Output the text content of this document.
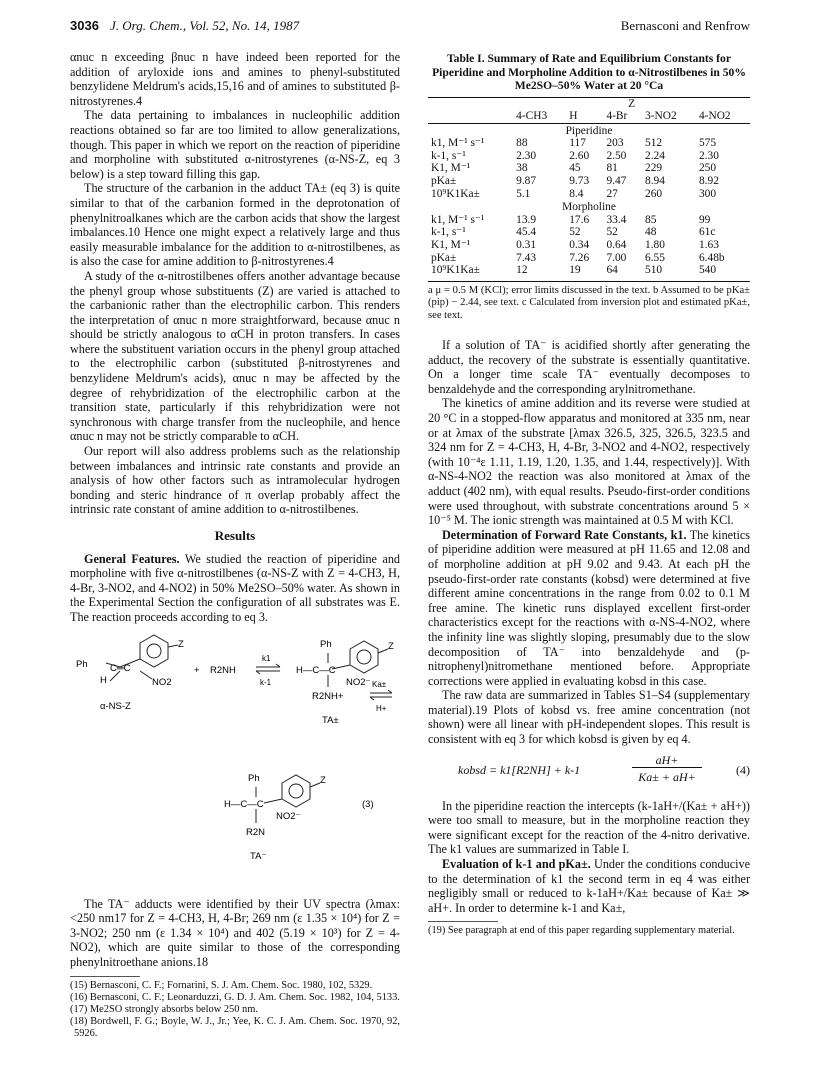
3036 J. Org. Chem., Vol. 52, No. 14, 1987	Bernasconi and Renfrow

αnuc n exceeding βnuc n have indeed been reported for the addition of aryloxide ions and amines to phenyl-substituted benzylidene Meldrum's acids,15,16 and of amines to substituted β-nitrostyrenes.4

The data pertaining to imbalances in nucleophilic addition reactions obtained so far are too limited to allow generalizations, though. This paper in which we report on the reaction of piperidine and morpholine with substituted α-nitrostyrenes (α-NS-Z, eq 3 below) is a step toward filling this gap.

The structure of the carbanion in the adduct TA± (eq 3) is quite similar to that of the carbanion formed in the deprotonation of phenylnitroalkanes which are the carbon acids that show the largest imbalances.10 Hence one might expect a relatively large and thus easily measurable imbalance for the addition to α-nitrostilbenes, as is also the case for amine addition to β-nitrostyrenes.4

A study of the α-nitrostilbenes offers another advantage because the phenyl group whose substituents (Z) are varied is attached to the carbanionic rather than the electrophilic carbon. This renders the interpretation of αnuc n more straightforward, because αnuc n should be strictly analogous to αCH in proton transfers. In cases where the substituent variation occurs in the phenyl group attached to the electrophilic carbon (substituted β-nitrostyrenes and benzylidene Meldrum's acids), αnuc n may be affected by the degree of rehybridization of the electrophilic carbon at the transition state, particularly if this rehybridization were not synchronous with charge transfer from the nucleophile, and hence αnuc n may not be strictly comparable to αCH.

Our report will also address problems such as the relationship between imbalances and intrinsic rate constants and provide an analysis of how other factors such as intramolecular hydrogen bonding and steric hindrance of π overlap probably affect the intrinsic rate constant of amine addition to α-nitrostilbenes.

Results

General Features. We studied the reaction of piperidine and morpholine with five α-nitrostilbenes (α-NS-Z with Z = 4-CH3, H, 4-Br, 3-NO2, and 4-NO2) in 50% Me2SO–50% water. As shown in the Experimental Section the configuration of all substrates was E. The reaction proceeds according to eq 3.

Ph
Z
C═C
H	NO2
α-NS-Z
+ R2NH
k1
k-1
Ph	Z
H—C—C
NO2⁻
R2NH+
TA±
Ka±
H+
Ph	Z
H—C—C
NO2⁻
R2N
TA⁻
(3)

The TA⁻ adducts were identified by their UV spectra (λmax: <250 nm17 for Z = 4-CH3, H, 4-Br; 269 nm (ε 1.35 × 10⁴) for Z = 3-NO2; 250 nm (ε 1.34 × 10⁴) and 402 (5.19 × 10³) for Z = 4-NO2), which are quite similar to those of the corresponding phenylnitroethane anions.18

(15) Bernasconi, C. F.; Fornarini, S. J. Am. Chem. Soc. 1980, 102, 5329.
(16) Bernasconi, C. F.; Leonarduzzi, G. D. J. Am. Chem. Soc. 1982, 104, 5133.
(17) Me2SO strongly absorbs below 250 nm.
(18) Bordwell, F. G.; Boyle, W. J., Jr.; Yee, K. C. J. Am. Chem. Soc. 1970, 92, 5926.
Table I. Summary of Rate and Equilibrium Constants for Piperidine and Morpholine Addition to α-Nitrostilbenes in 50% Me2SO–50% Water at 20 °Ca
	Z				
	4-CH3	H	4-Br	3-NO2	4-NO2
Piperidine					
k1, M⁻¹ s⁻¹	88	117	203	512	575
k-1, s⁻¹	2.30	2.60	2.50	2.24	2.30
K1, M⁻¹	38	45	81	229	250
pKa±	9.87	9.73	9.47	8.94	8.92
10⁹K1Ka±	5.1	8.4	27	260	300
Morpholine					
k1, M⁻¹ s⁻¹	13.9	17.6	33.4	85	99
k-1, s⁻¹	45.4	52	52	48	61c
K1, M⁻¹	0.31	0.34	0.64	1.80	1.63
pKa±	7.43	7.26	7.00	6.55	6.48b
10⁹K1Ka±	12	19	64	510	540
a μ = 0.5 M (KCl); error limits discussed in the text. b Assumed to be pKa±(pip) − 2.44, see text. c Calculated from inversion plot and estimated pKa±, see text.

If a solution of TA⁻ is acidified shortly after generating the adduct, the recovery of the substrate is essentially quantitative. On a longer time scale TA⁻ eventually decomposes to benzaldehyde and the corresponding arylnitromethane.

The kinetics of amine addition and its reverse were studied at 20 °C in a stopped-flow apparatus and monitored at 335 nm, near or at λmax of the substrate [λmax 326.5, 325, 326.5, 323.5 and 324 nm for Z = 4-CH3, H, 4-Br, 3-NO2 and 4-NO2, respectively (with 10⁻⁴ε 1.11, 1.19, 1.20, 1.35, and 1.44, respectively)]. With α-NS-4-NO2 the reaction was also monitored at λmax of the adduct (402 nm), with equal results. Pseudo-first-order conditions were used throughout, with substrate concentrations around 5 × 10⁻⁵ M. The ionic strength was maintained at 0.5 M with KCl.

Determination of Forward Rate Constants, k1. The kinetics of piperidine addition were measured at pH 11.65 and 12.08 and of morpholine addition at pH 9.02 and 9.43. At each pH the pseudo-first-order rate constants (kobsd) were determined at five different amine concentrations in the range from 0.02 to 0.1 M free amine. The kinetic runs displayed excellent first-order characteristics except for the reactions with α-NS-4-NO2, where the infinity line was slightly sloping, presumably due to the slow decomposition of TA⁻ into benzaldehyde and (p-nitrophenyl)nitromethane mentioned before. Appropriate corrections were applied in evaluating kobsd in this case.

The raw data are summarized in Tables S1–S4 (supplementary material).19 Plots of kobsd vs. free amine concentration (not shown) were all linear with pH-independent slopes. This result is consistent with eq 3 for which kobsd is given by eq 4.

kobsd = k1[R2NH] + k-1
aH+
Ka± + aH+	(4)

In the piperidine reaction the intercepts (k-1aH+/(Ka± + aH+)) were too small to measure, but in the morpholine reaction they were significant except for the reaction of the 4-nitro derivative. The k1 values are summarized in Table I.

Evaluation of k-1 and pKa±. Under the conditions conducive to the determination of k1 the second term in eq 4 was either negligibly small or reduced to k-1aH+/Ka± because of Ka± ≫ aH+. In order to determine k-1 and Ka±,

(19) See paragraph at end of this paper regarding supplementary material.
